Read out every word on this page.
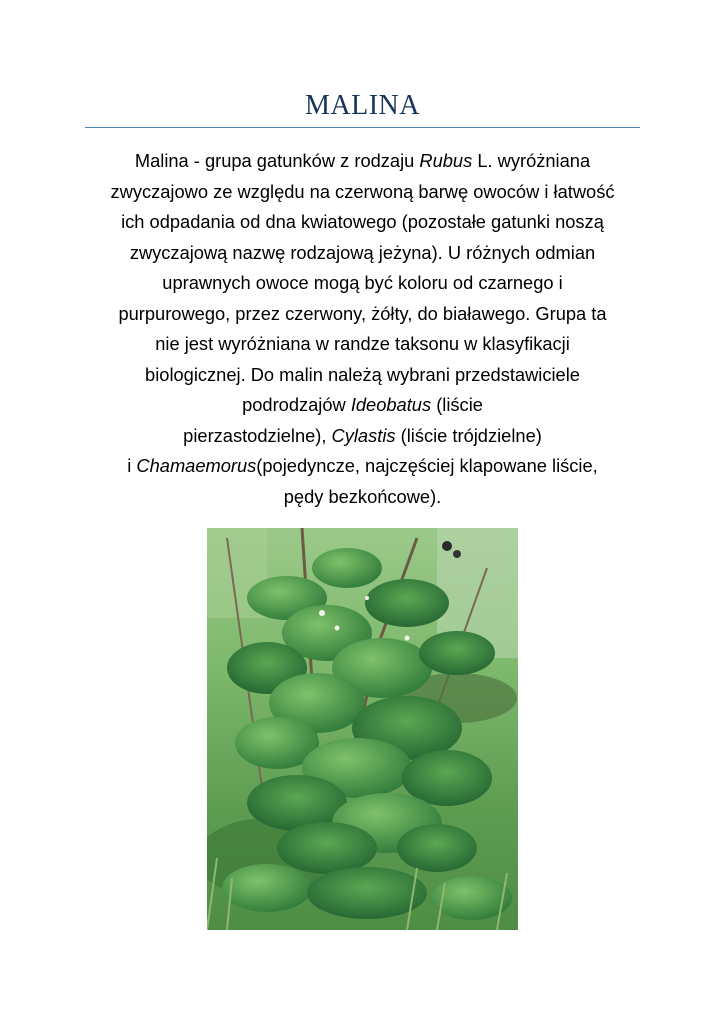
MALINA
Malina - grupa gatunków z rodzaju Rubus L. wyróżniana
zwyczajowo ze względu na czerwoną barwę owoców i łatwość
ich odpadania od dna kwiatowego (pozostałe gatunki noszą
zwyczajową nazwę rodzajową jeżyna). U różnych odmian
uprawnych owoce mogą być koloru od czarnego i
purpurowego, przez czerwony, żółty, do białawego. Grupa ta
nie jest wyróżniana w randze taksonu w klasyfikacji
biologicznej. Do malin należą wybrani przedstawiciele
podrodzajów Ideobatus (liście
pierzastodzielne), Cylastis (liście trójdzielne)
i Chamaemorus(pojedyncze, najczęściej klapowane liście,
pędy bezkońcowe).
